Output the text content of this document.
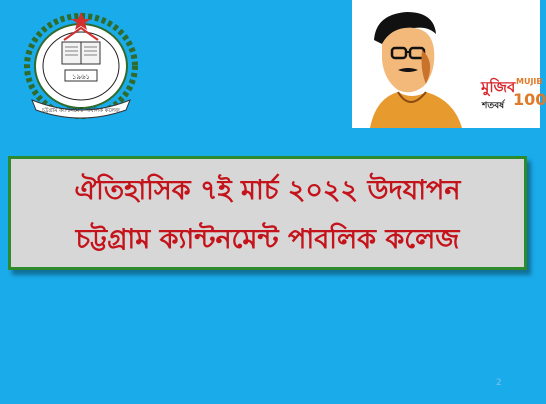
১৯৬১
চট্টগ্রাম ক্যান্টনমেন্ট পাবলিক কলেজ
মুজিব
শতবর্ষ
MUJIB
100
ঐতিহাসিক ৭ই মার্চ ২০২২ উদযাপন
চট্টগ্রাম ক্যান্টনমেন্ট পাবলিক কলেজ
2
